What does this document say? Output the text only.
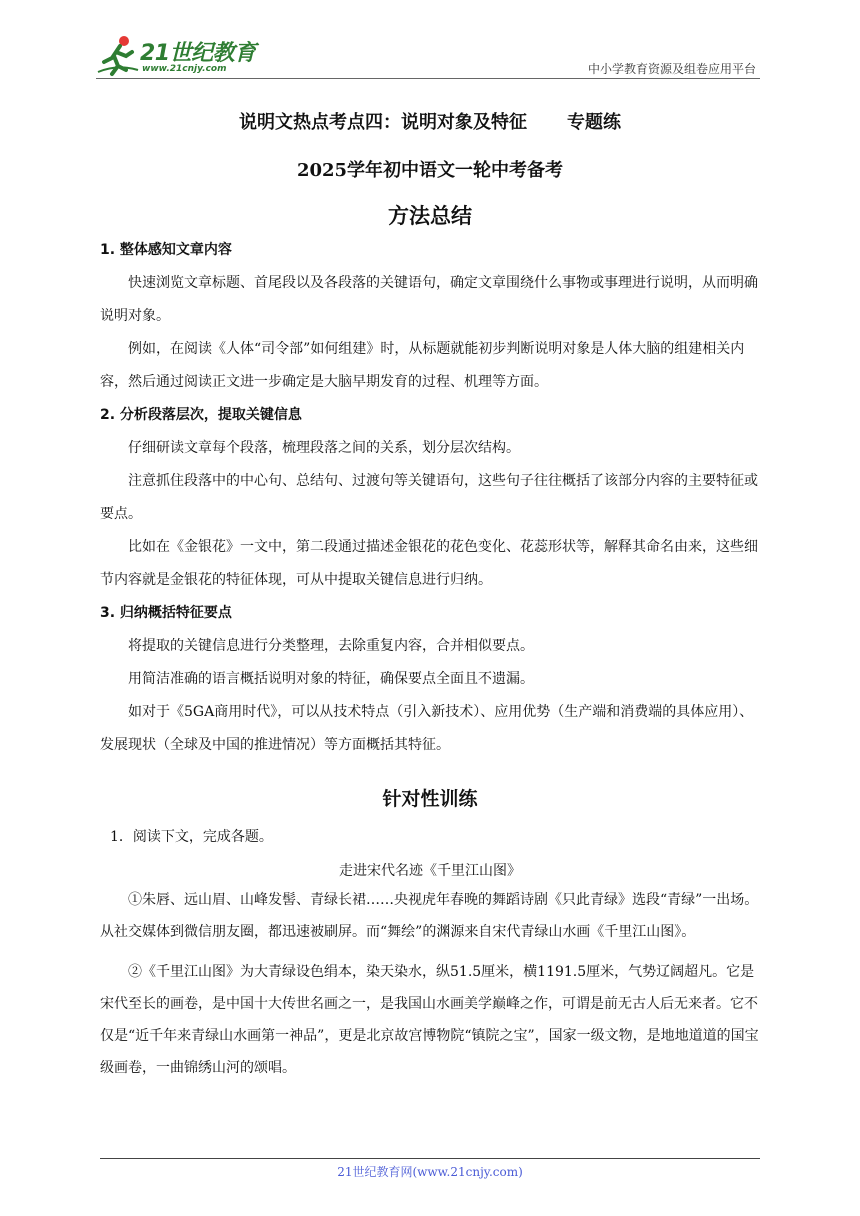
21世纪教育
www.21cnjy.com	中小学教育资源及组卷应用平台
说明文热点考点四：说明对象及特征 专题练
2025学年初中语文一轮中考备考
方法总结
1. 整体感知文章内容
快速浏览文章标题、首尾段以及各段落的关键语句，确定文章围绕什么事物或事理进行说明，从而明确说明对象。
例如，在阅读《人体“司令部”如何组建》时，从标题就能初步判断说明对象是人体大脑的组建相关内容，然后通过阅读正文进一步确定是大脑早期发育的过程、机理等方面。
2. 分析段落层次，提取关键信息
仔细研读文章每个段落，梳理段落之间的关系，划分层次结构。
注意抓住段落中的中心句、总结句、过渡句等关键语句，这些句子往往概括了该部分内容的主要特征或要点。
比如在《金银花》一文中，第二段通过描述金银花的花色变化、花蕊形状等，解释其命名由来，这些细节内容就是金银花的特征体现，可从中提取关键信息进行归纳。
3. 归纳概括特征要点
将提取的关键信息进行分类整理，去除重复内容，合并相似要点。
用简洁准确的语言概括说明对象的特征，确保要点全面且不遗漏。
如对于《5GA商用时代》，可以从技术特点（引入新技术）、应用优势（生产端和消费端的具体应用）、发展现状（全球及中国的推进情况）等方面概括其特征。
针对性训练
1．阅读下文，完成各题。
走进宋代名迹《千里江山图》

①朱唇、远山眉、山峰发髻、青绿长裙……央视虎年春晚的舞蹈诗剧《只此青绿》选段“青绿”一出场。从社交媒体到微信朋友圈，都迅速被刷屏。而“舞绘”的渊源来自宋代青绿山水画《千里江山图》。

②《千里江山图》为大青绿设色绢本，染天染水，纵51.5厘米，横1191.5厘米，气势辽阔超凡。它是宋代至长的画卷，是中国十大传世名画之一，是我国山水画美学巅峰之作，可谓是前无古人后无来者。它不仅是“近千年来青绿山水画第一神品”，更是北京故宫博物院“镇院之宝”，国家一级文物，是地地道道的国宝级画卷，一曲锦绣山河的颂唱。

21世纪教育网(www.21cnjy.com)
